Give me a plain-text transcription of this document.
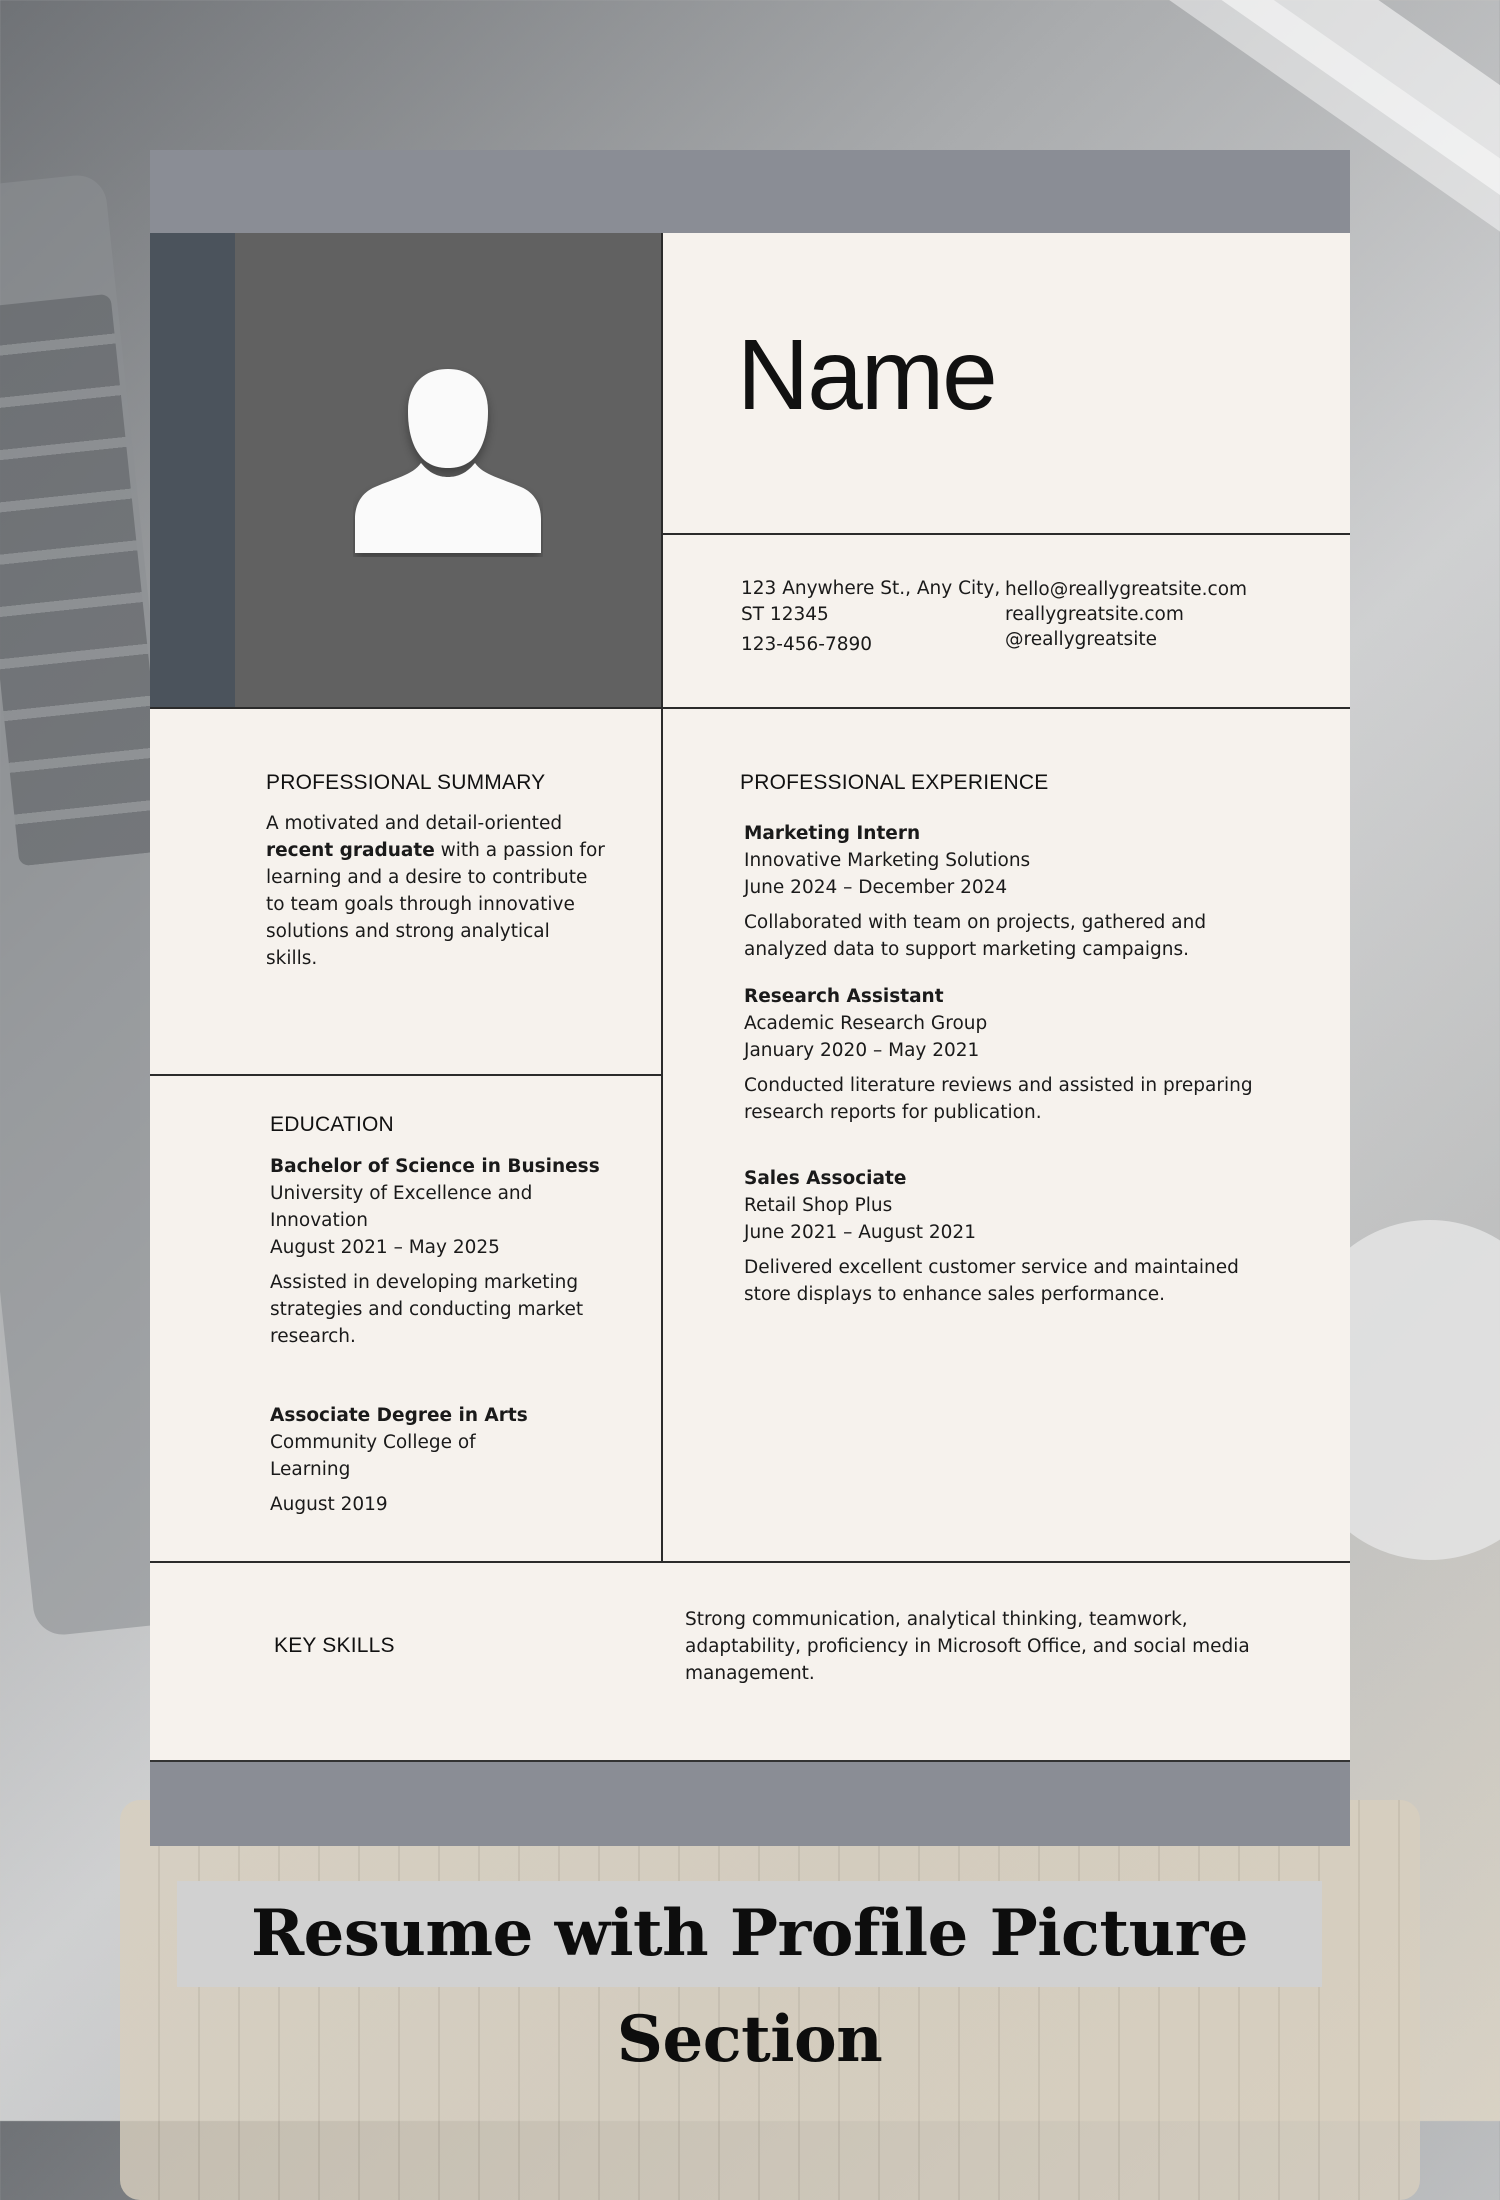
Name
123 Anywhere St., Any City,
ST 12345
123-456-7890
hello@reallygreatsite.com
reallygreatsite.com
@reallygreatsite
PROFESSIONAL SUMMARY

A motivated and detail-oriented

recent graduate with a passion for

learning and a desire to contribute

to team goals through innovative

solutions and strong analytical

skills.

EDUCATION

Bachelor of Science in Business

University of Excellence and

Innovation

August 2021 – May 2025

Assisted in developing marketing

strategies and conducting market

research.

Associate Degree in Arts

Community College of

Learning

August 2019

PROFESSIONAL EXPERIENCE

Marketing Intern

Innovative Marketing Solutions

June 2024 – December 2024

Collaborated with team on projects, gathered and

analyzed data to support marketing campaigns.

Research Assistant

Academic Research Group

January 2020 – May 2021

Conducted literature reviews and assisted in preparing

research reports for publication.

Sales Associate

Retail Shop Plus

June 2021 – August 2021

Delivered excellent customer service and maintained

store displays to enhance sales performance.

KEY SKILLS

Strong communication, analytical thinking, teamwork,

adaptability, proficiency in Microsoft Office, and social media

management.

Resume with Profile Picture Section
